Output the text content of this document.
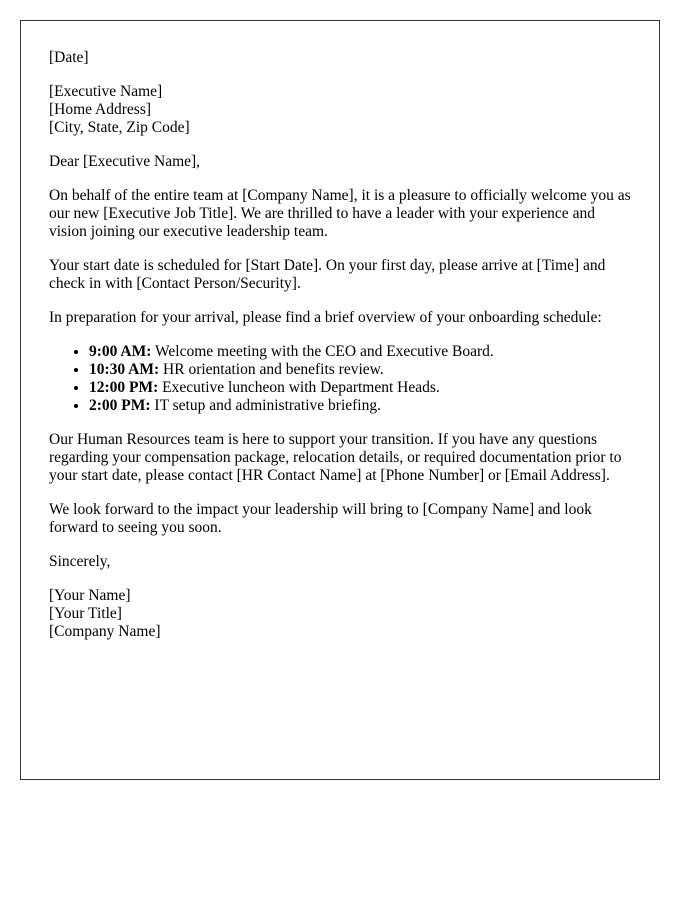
[Date]
[Executive Name]
[Home Address]
[City, State, Zip Code]

Dear [Executive Name],

On behalf of the entire team at [Company Name], it is a pleasure to officially welcome you as our new [Executive Job Title]. We are thrilled to have a leader with your experience and vision joining our executive leadership team.

Your start date is scheduled for [Start Date]. On your first day, please arrive at [Time] and check in with [Contact Person/Security].

In preparation for your arrival, please find a brief overview of your onboarding schedule:

• 9:00 AM: Welcome meeting with the CEO and Executive Board.
• 10:30 AM: HR orientation and benefits review.
• 12:00 PM: Executive luncheon with Department Heads.
• 2:00 PM: IT setup and administrative briefing.

Our Human Resources team is here to support your transition. If you have any questions regarding your compensation package, relocation details, or required documentation prior to your start date, please contact [HR Contact Name] at [Phone Number] or [Email Address].

We look forward to the impact your leadership will bring to [Company Name] and look forward to seeing you soon.

Sincerely,

[Your Name]
[Your Title]
[Company Name]
